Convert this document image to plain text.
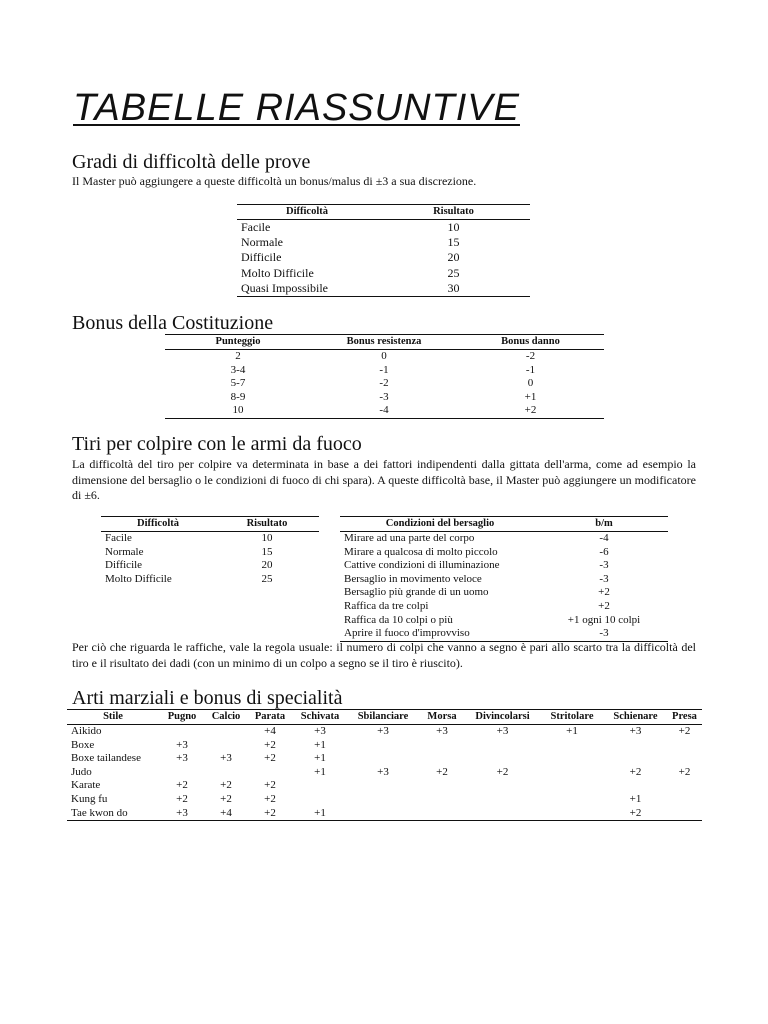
TABELLE RIASSUNTIVE
Gradi di difficoltà delle prove

Il Master può aggiungere a queste difficoltà un bonus/malus di ±3 a sua discrezione.

Difficoltà	Risultato
Facile	10
Normale	15
Difficile	20
Molto Difficile	25
Quasi Impossibile	30
Bonus della Costituzione
Punteggio	Bonus resistenza	Bonus danno
2	0	-2
3-4	-1	-1
5-7	-2	0
8-9	-3	+1
10	-4	+2
Tiri per colpire con le armi da fuoco

La difficoltà del tiro per colpire va determinata in base a dei fattori indipendenti dalla gittata dell'arma, come ad esempio la dimensione del bersaglio o le condizioni di fuoco di chi spara). A queste difficoltà base, il Master può aggiungere un modificatore di ±6.

Difficoltà	Risultato
Facile	10
Normale	15
Difficile	20
Molto Difficile	25
Condizioni del bersaglio	b/m
Mirare ad una parte del corpo	-4
Mirare a qualcosa di molto piccolo	-6
Cattive condizioni di illuminazione	-3
Bersaglio in movimento veloce	-3
Bersaglio più grande di un uomo	+2
Raffica da tre colpi	+2
Raffica da 10 colpi o più	+1 ogni 10 colpi
Aprire il fuoco d'improvviso	-3

Per ciò che riguarda le raffiche, vale la regola usuale: il numero di colpi che vanno a segno è pari allo scarto tra la difficoltà del tiro e il risultato dei dadi (con un minimo di un colpo a segno se il tiro è riuscito).

Arti marziali e bonus di specialità
Stile	Pugno	Calcio	Parata	Schivata	Sbilanciare	Morsa	Divincolarsi	Stritolare	Schienare	Presa
Aikido			+4	+3	+3	+3	+3	+1	+3	+2
Boxe	+3		+2	+1						
Boxe tailandese	+3	+3	+2	+1						
Judo				+1	+3	+2	+2		+2	+2
Karate	+2	+2	+2							
Kung fu	+2	+2	+2						+1	
Tae kwon do	+3	+4	+2	+1					+2	
